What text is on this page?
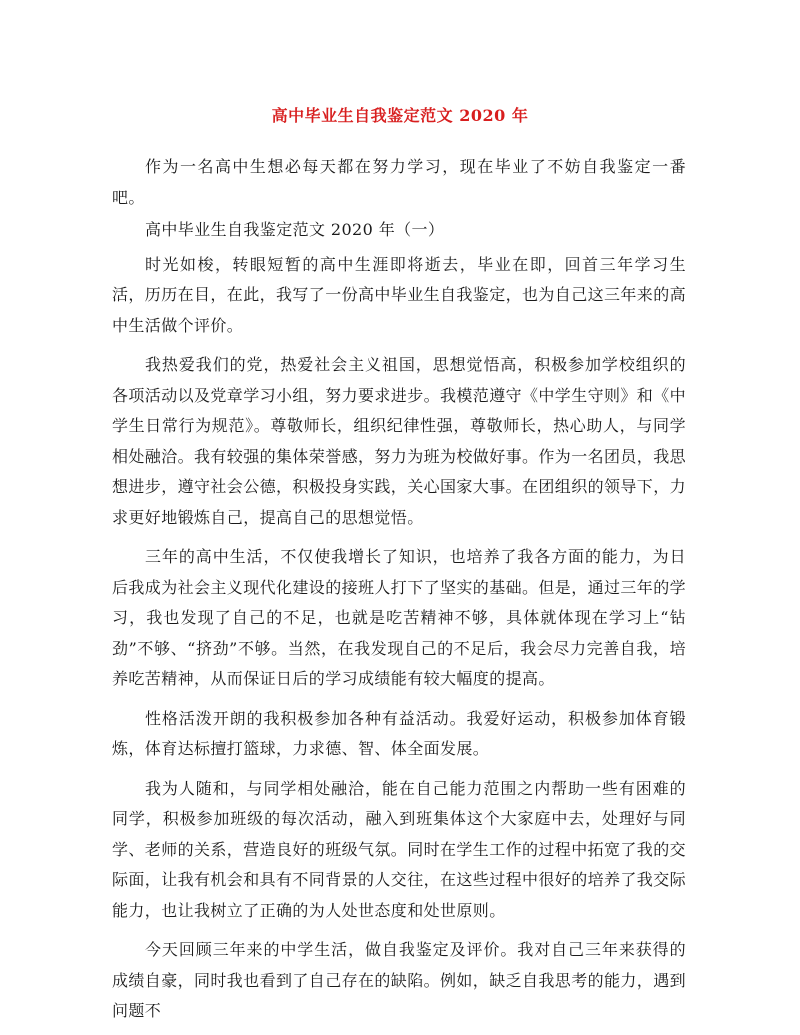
高中毕业生自我鉴定范文 2020 年

作为一名高中生想必每天都在努力学习，现在毕业了不妨自我鉴定一番吧。

高中毕业生自我鉴定范文 2020 年（一）

时光如梭，转眼短暂的高中生涯即将逝去，毕业在即，回首三年学习生活，历历在目，在此，我写了一份高中毕业生自我鉴定，也为自己这三年来的高中生活做个评价。

我热爱我们的党，热爱社会主义祖国，思想觉悟高，积极参加学校组织的各项活动以及党章学习小组，努力要求进步。我模范遵守《中学生守则》和《中学生日常行为规范》。尊敬师长，组织纪律性强，尊敬师长，热心助人，与同学相处融洽。我有较强的集体荣誉感，努力为班为校做好事。作为一名团员，我思想进步，遵守社会公德，积极投身实践，关心国家大事。在团组织的领导下，力求更好地锻炼自己，提高自己的思想觉悟。

三年的高中生活，不仅使我增长了知识，也培养了我各方面的能力，为日后我成为社会主义现代化建设的接班人打下了坚实的基础。但是，通过三年的学习，我也发现了自己的不足，也就是吃苦精神不够，具体就体现在学习上“钻劲”不够、“挤劲”不够。当然，在我发现自己的不足后，我会尽力完善自我，培养吃苦精神，从而保证日后的学习成绩能有较大幅度的提高。

性格活泼开朗的我积极参加各种有益活动。我爱好运动，积极参加体育锻炼，体育达标擅打篮球，力求德、智、体全面发展。

我为人随和，与同学相处融洽，能在自己能力范围之内帮助一些有困难的同学，积极参加班级的每次活动，融入到班集体这个大家庭中去，处理好与同学、老师的关系，营造良好的班级气氛。同时在学生工作的过程中拓宽了我的交际面，让我有机会和具有不同背景的人交往，在这些过程中很好的培养了我交际能力，也让我树立了正确的为人处世态度和处世原则。

今天回顾三年来的中学生活，做自我鉴定及评价。我对自己三年来获得的成绩自豪，同时我也看到了自己存在的缺陷。例如，缺乏自我思考的能力，遇到问题不
